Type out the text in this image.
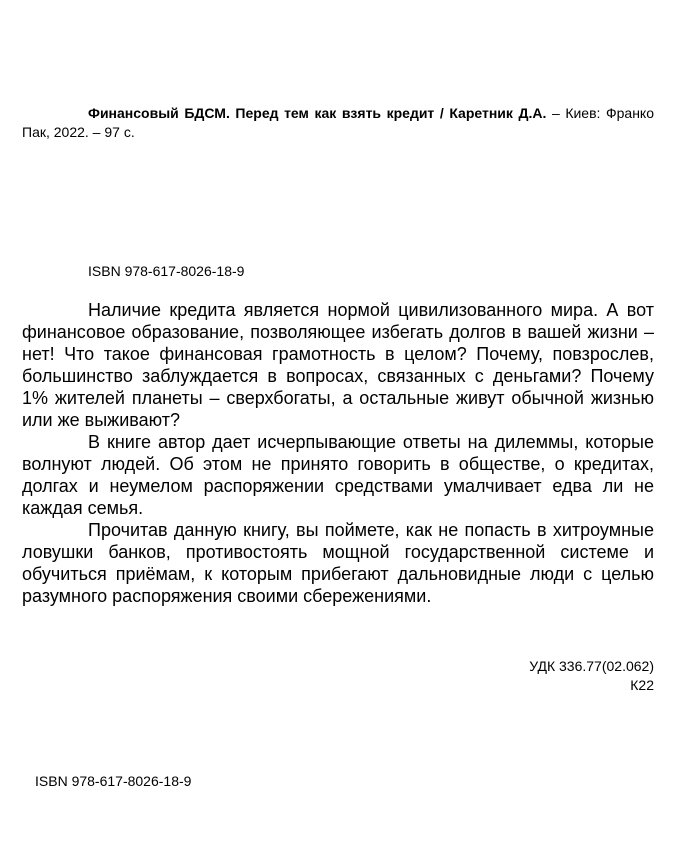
Финансовый БДСМ. Перед тем как взять кредит / Каретник Д.А. – Киев: Франко Пак, 2022. – 97 с.
ISBN 978-617-8026-18-9

Наличие кредита является нормой цивилизованного мира. А вот финансовое образование, позволяющее избегать долгов в вашей жизни – нет! Что такое финансовая грамотность в целом? Почему, повзрослев, большинство заблуждается в вопросах, связанных с деньгами? Почему 1% жителей планеты – сверхбогаты, а остальные живут обычной жизнью или же выживают?

В книге автор дает исчерпывающие ответы на дилеммы, которые волнуют людей. Об этом не принято говорить в обществе, о кредитах, долгах и неумелом распоряжении средствами умалчивает едва ли не каждая семья.

Прочитав данную книгу, вы поймете, как не попасть в хитроумные ловушки банков, противостоять мощной государственной системе и обучиться приёмам, к которым прибегают дальновидные люди с целью разумного распоряжения своими сбережениями.

УДК 336.77(02.062)
К22
ISBN 978-617-8026-18-9
